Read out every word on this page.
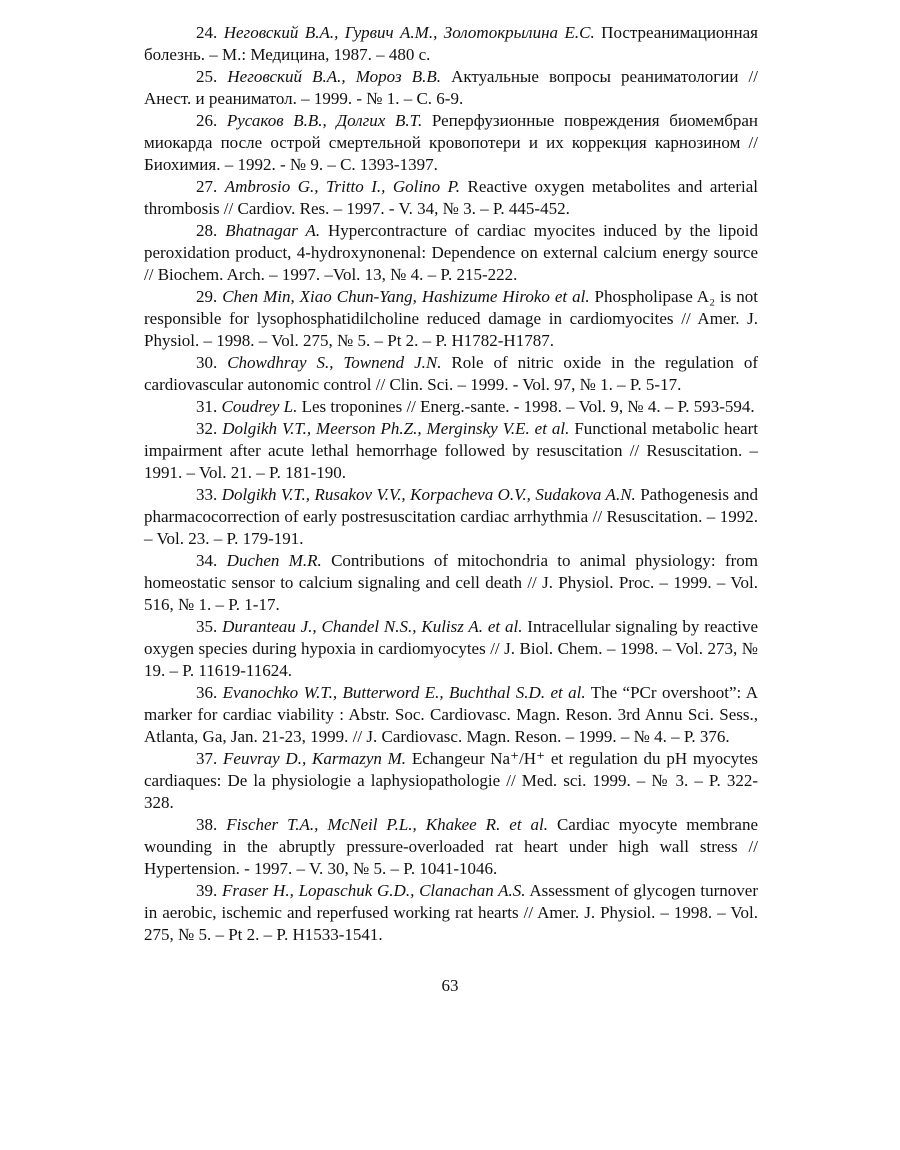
24. Неговский В.А., Гурвич А.М., Золотокрылина Е.С. Постреанимационная болезнь. – М.: Медицина, 1987. – 480 с.

25. Неговский В.А., Мороз В.В. Актуальные вопросы реаниматологии // Анест. и реаниматол. – 1999. - № 1. – С. 6-9.

26. Русаков В.В., Долгих В.Т. Реперфузионные повреждения биомембран миокарда после острой смертельной кровопотери и их коррекция карнозином // Биохимия. – 1992. - № 9. – С. 1393-1397.

27. Ambrosio G., Tritto I., Golino P. Reactive oxygen metabolites and arterial thrombosis // Cardiov. Res. – 1997. - V. 34, № 3. – P. 445-452.

28. Bhatnagar A. Hypercontracture of cardiac myocites induced by the lipoid peroxidation product, 4-hydroxynonenal: Dependence on external calcium energy source // Biochem. Arch. – 1997. –Vol. 13, № 4. – P. 215-222.

29. Chen Min, Xiao Chun-Yang, Hashizume Hiroko et al. Phospholipase A₂ is not responsible for lysophosphatidilcholine reduced damage in cardiomyocites // Amer. J. Physiol. – 1998. – Vol. 275, № 5. – Pt 2. – P. H1782-H1787.

30. Chowdhray S., Townend J.N. Role of nitric oxide in the regulation of cardiovascular autonomic control // Clin. Sci. – 1999. - Vol. 97, № 1. – P. 5-17.

31. Coudrey L. Les troponines // Energ.-sante. - 1998. – Vol. 9, № 4. – P. 593-594.

32. Dolgikh V.T., Meerson Ph.Z., Merginsky V.E. et al. Functional metabolic heart impairment after acute lethal hemorrhage followed by resuscitation // Resuscitation. – 1991. – Vol. 21. – P. 181-190.

33. Dolgikh V.T., Rusakov V.V., Korpacheva O.V., Sudakova A.N. Pathogenesis and pharmacocorrection of early postresuscitation cardiac arrhythmia // Resuscitation. – 1992. – Vol. 23. – P. 179-191.

34. Duchen M.R. Contributions of mitochondria to animal physiology: from homeostatic sensor to calcium signaling and cell death // J. Physiol. Proc. – 1999. – Vol. 516, № 1. – P. 1-17.

35. Duranteau J., Chandel N.S., Kulisz A. et al. Intracellular signaling by reactive oxygen species during hypoxia in cardiomyocytes // J. Biol. Chem. – 1998. – Vol. 273, № 19. – P. 11619-11624.

36. Evanochko W.T., Butterword E., Buchthal S.D. et al. The “PCr overshoot”: A marker for cardiac viability : Abstr. Soc. Cardiovasc. Magn. Reson. 3rd Annu Sci. Sess., Atlanta, Ga, Jan. 21-23, 1999. // J. Cardiovasc. Magn. Reson. – 1999. – № 4. – P. 376.

37. Feuvray D., Karmazyn M. Echangeur Na⁺/H⁺ et regulation du pH myocytes cardiaques: De la physiologie a laphysiopathologie // Med. sci. 1999. – № 3. – P. 322-328.

38. Fischer T.A., McNeil P.L., Khakee R. et al. Cardiac myocyte membrane wounding in the abruptly pressure-overloaded rat heart under high wall stress // Hypertension. - 1997. – V. 30, № 5. – P. 1041-1046.

39. Fraser H., Lopaschuk G.D., Clanachan A.S. Assessment of glycogen turnover in aerobic, ischemic and reperfused working rat hearts // Amer. J. Physiol. – 1998. – Vol. 275, № 5. – Pt 2. – P. H1533-1541.

63
